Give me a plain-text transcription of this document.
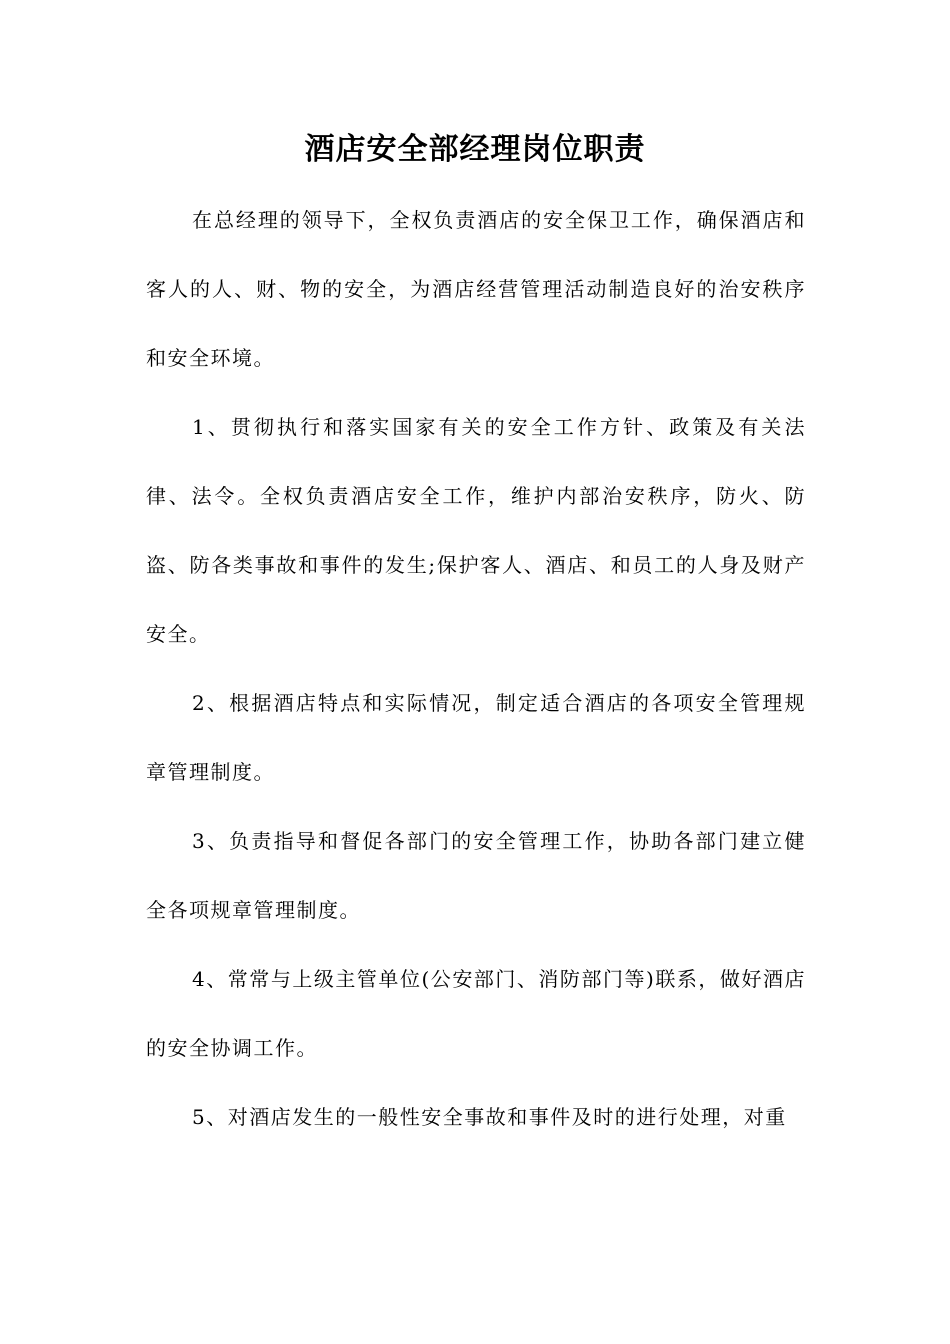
酒店安全部经理岗位职责

在总经理的领导下，全权负责酒店的安全保卫工作，确保酒店和客人的人、财、物的安全，为酒店经营管理活动制造良好的治安秩序和安全环境。

1、贯彻执行和落实国家有关的安全工作方针、政策及有关法律、法令。全权负责酒店安全工作，维护内部治安秩序，防火、防盗、防各类事故和事件的发生;保护客人、酒店、和员工的人身及财产安全。

2、根据酒店特点和实际情况，制定适合酒店的各项安全管理规章管理制度。

3、负责指导和督促各部门的安全管理工作，协助各部门建立健全各项规章管理制度。

4、常常与上级主管单位(公安部门、消防部门等)联系，做好酒店的安全协调工作。

5、对酒店发生的一般性安全事故和事件及时的进行处理，对重
